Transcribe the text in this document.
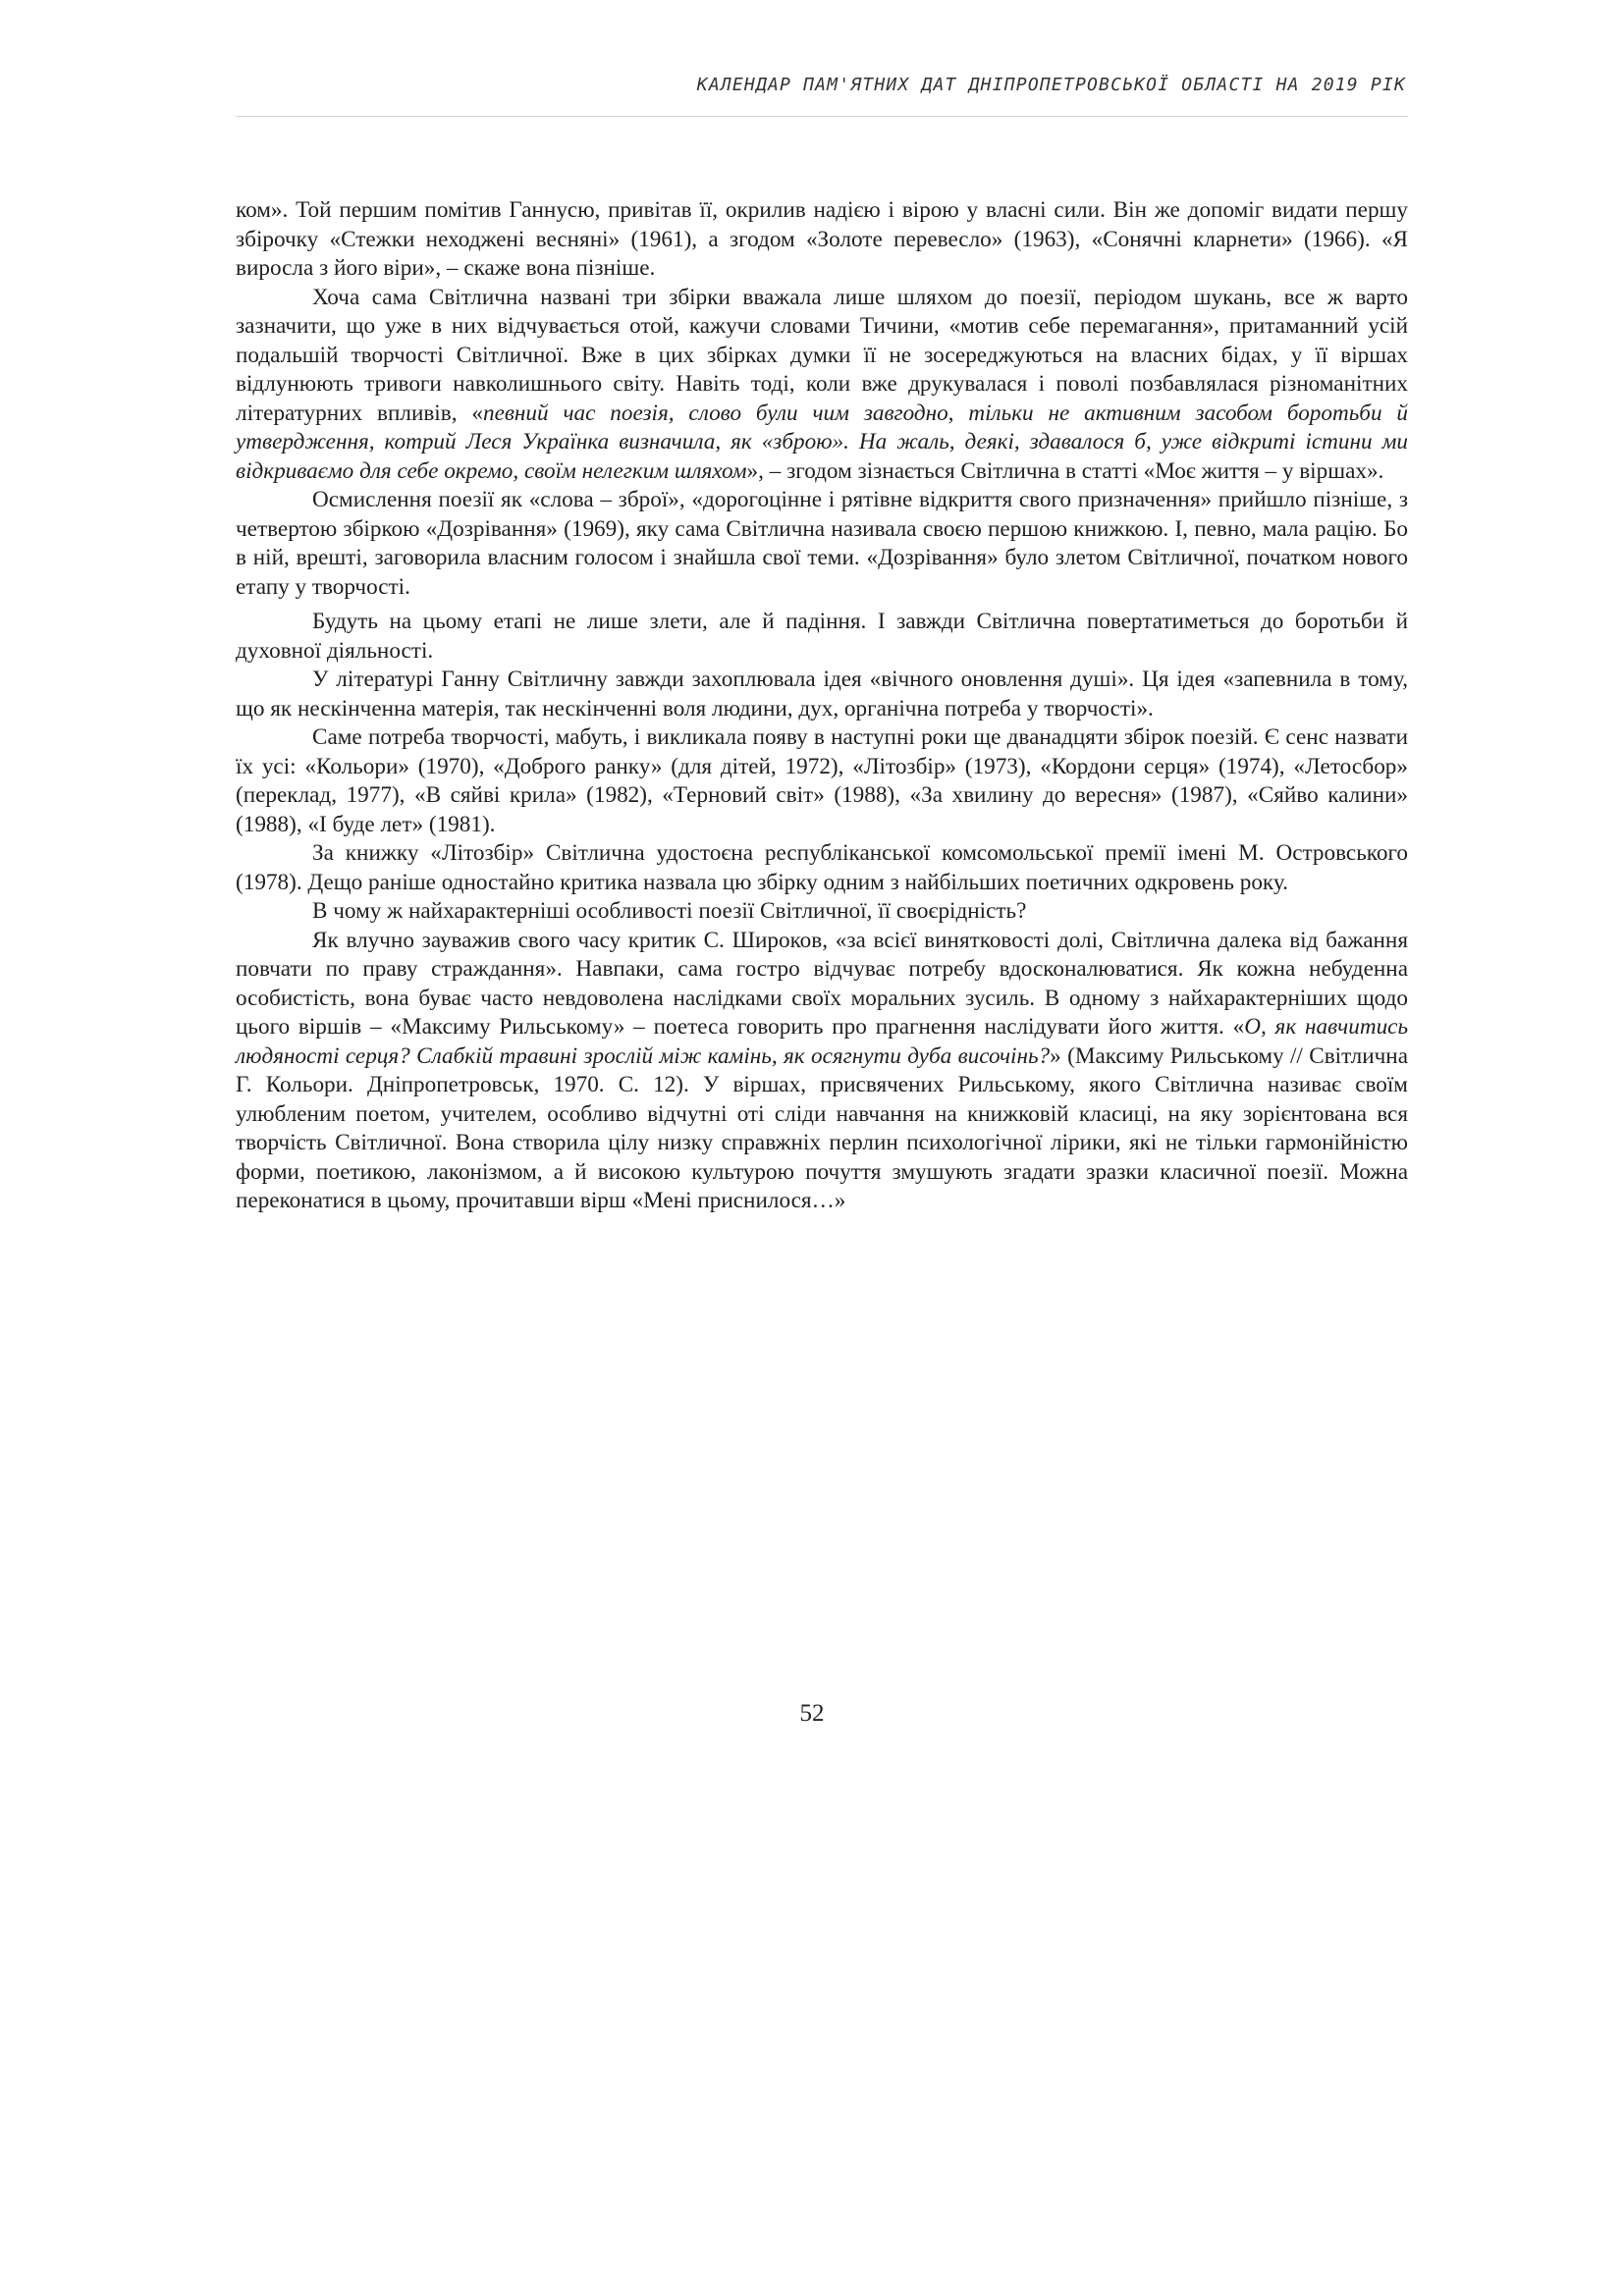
КАЛЕНДАР ПАМ'ЯТНИХ ДАТ ДНІПРОПЕТРОВСЬКОЇ ОБЛАСТІ НА 2019 РІК

ком». Той першим помітив Ганнусю, привітав її, окрилив надією і вірою у власні сили. Він же допоміг видати першу збірочку «Стежки неходжені весняні» (1961), а згодом «Золоте перевесло» (1963), «Сонячні кларнети» (1966). «Я виросла з його віри», – скаже вона пізніше.

Хоча сама Світлична названі три збірки вважала лише шляхом до поезії, періодом шукань, все ж варто зазначити, що уже в них відчувається отой, кажучи словами Тичини, «мотив себе перемагання», притаманний усій подальшій творчості Світличної. Вже в цих збірках думки її не зосереджуються на власних бідах, у її віршах відлунюють тривоги навколишнього світу. Навіть тоді, коли вже друкувалася і поволі позбавлялася різноманітних літературних впливів, «певний час поезія, слово були чим завгодно, тільки не активним засобом боротьби й утвердження, котрий Леся Українка визначила, як «зброю». На жаль, деякі, здавалося б, уже відкриті істини ми відкриваємо для себе окремо, своїм нелегким шляхом», – згодом зізнається Світлична в статті «Моє життя – у віршах».

Осмислення поезії як «слова – зброї», «дорогоцінне і рятівне відкриття свого призначення» прийшло пізніше, з четвертою збіркою «Дозрівання» (1969), яку сама Світлична називала своєю першою книжкою. І, певно, мала рацію. Бо в ній, врешті, заговорила власним голосом і знайшла свої теми. «Дозрівання» було злетом Світличної, початком нового етапу у творчості.

Будуть на цьому етапі не лише злети, але й падіння. І завжди Світлична повертатиметься до боротьби й духовної діяльності.

У літературі Ганну Світличну завжди захоплювала ідея «вічного оновлення душі». Ця ідея «запевнила в тому, що як нескінченна матерія, так нескінченні воля людини, дух, органічна потреба у творчості».

Саме потреба творчості, мабуть, і викликала появу в наступні роки ще дванадцяти збірок поезій. Є сенс назвати їх усі: «Кольори» (1970), «Доброго ранку» (для дітей, 1972), «Літозбір» (1973), «Кордони серця» (1974), «Летосбор» (переклад, 1977), «В сяйві крила» (1982), «Терновий світ» (1988), «За хвилину до вересня» (1987), «Сяйво калини» (1988), «І буде лет» (1981).

За книжку «Літозбір» Світлична удостоєна республіканської комсомольської премії імені М. Островського (1978). Дещо раніше одностайно критика назвала цю збірку одним з найбільших поетичних одкровень року.

В чому ж найхарактерніші особливості поезії Світличної, її своєрідність?

Як влучно зауважив свого часу критик С. Широков, «за всієї винятковості долі, Світлична далека від бажання повчати по праву страждання». Навпаки, сама гостро відчуває потребу вдосконалюватися. Як кожна небуденна особистість, вона буває часто невдоволена наслідками своїх моральних зусиль. В одному з найхарактерніших щодо цього віршів – «Максиму Рильському» – поетеса говорить про прагнення наслідувати його життя. «О, як навчитись людяності серця? Слабкій травині зрослій між камінь, як осягнути дуба височінь?» (Максиму Рильському // Світлична Г. Кольори. Дніпропетровськ, 1970. С. 12). У віршах, присвячених Рильському, якого Світлична називає своїм улюбленим поетом, учителем, особливо відчутні оті сліди навчання на книжковій класиці, на яку зорієнтована вся творчість Світличної. Вона створила цілу низку справжніх перлин психологічної лірики, які не тільки гармонійністю форми, поетикою, лаконізмом, а й високою культурою почуття змушують згадати зразки класичної поезії. Можна переконатися в цьому, прочитавши вірш «Мені приснилося…»

52
